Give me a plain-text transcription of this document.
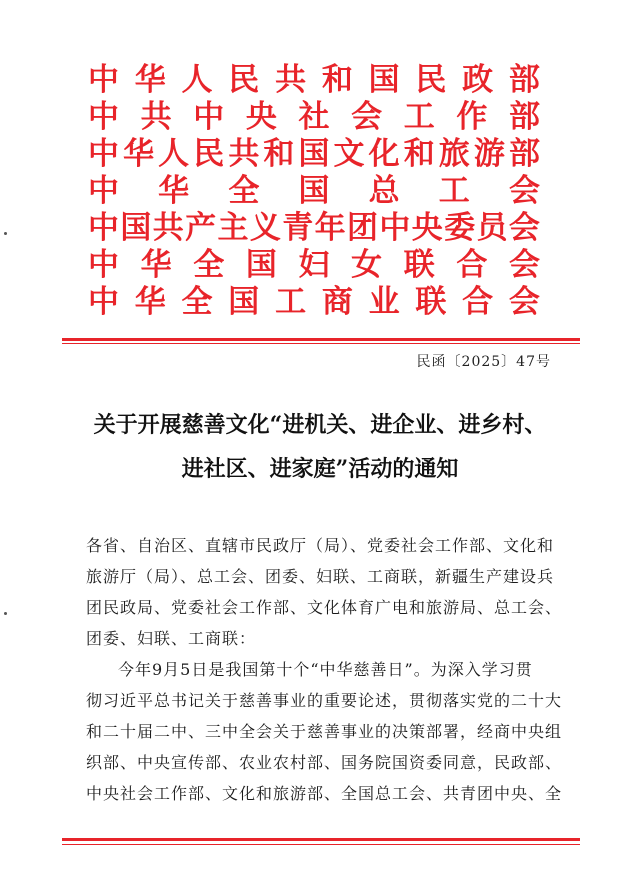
中 华 人 民 共 和 国 民 政 部
中 共 中 央 社 会 工 作 部
中 华 人 民 共 和 国 文 化 和 旅 游 部
中 华 全 国 总 工 会
中 国 共 产 主 义 青 年 团 中 央 委 员 会
中 华 全 国 妇 女 联 合 会
中 华 全 国 工 商 业 联 合 会
民函〔2025〕47号
关于开展慈善文化“进机关、进企业、进乡村、
进社区、进家庭”活动的通知
各省、自治区、直辖市民政厅（局）、党委社会工作部、文化和
旅游厅（局）、总工会、团委、妇联、工商联，新疆生产建设兵
团民政局、党委社会工作部、文化体育广电和旅游局、总工会、
团委、妇联、工商联：
今年9月5日是我国第十个“中华慈善日”。为深入学习贯
彻习近平总书记关于慈善事业的重要论述，贯彻落实党的二十大
和二十届二中、三中全会关于慈善事业的决策部署，经商中央组
织部、中央宣传部、农业农村部、国务院国资委同意，民政部、
中央社会工作部、文化和旅游部、全国总工会、共青团中央、全
